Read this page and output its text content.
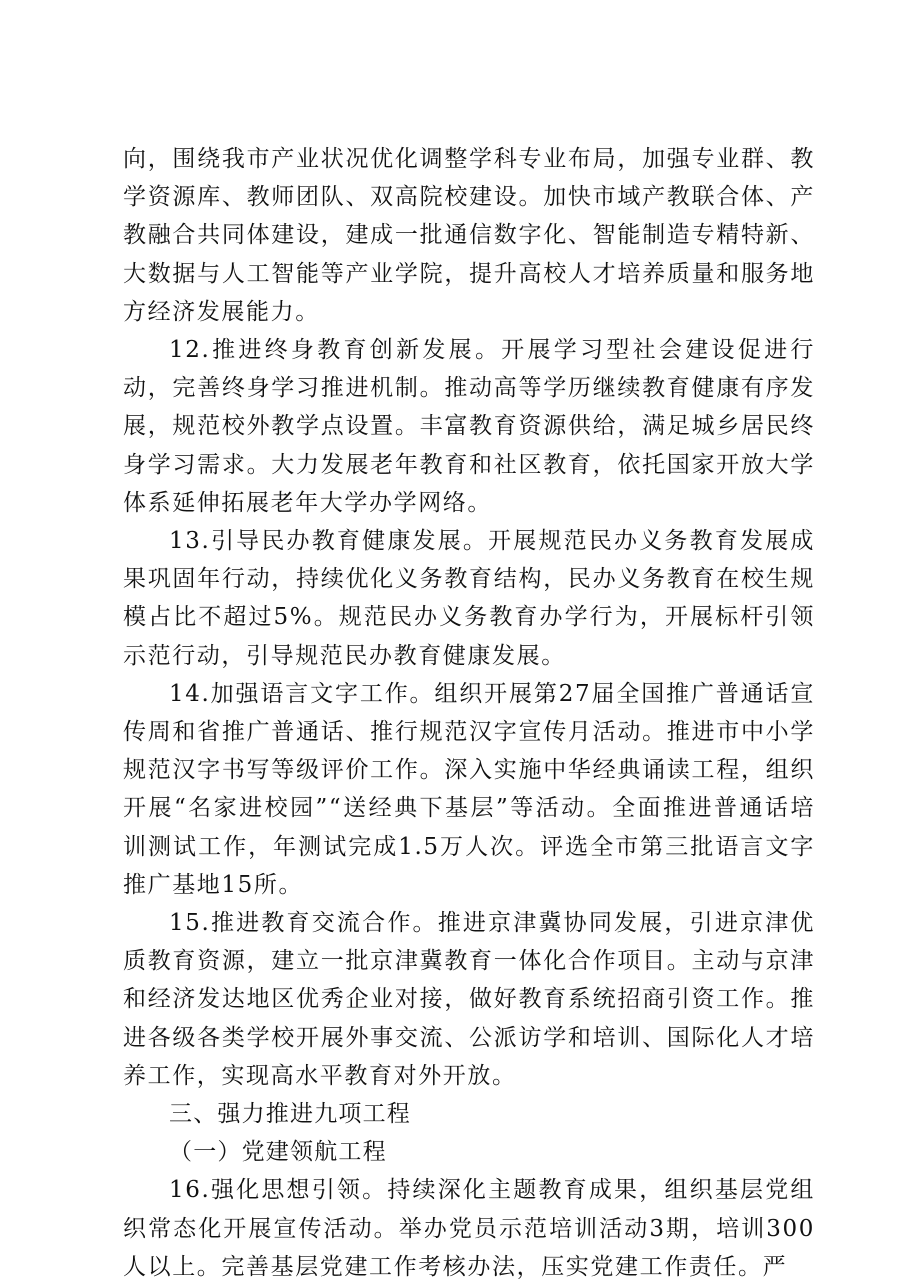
向，围绕我市产业状况优化调整学科专业布局，加强专业群、教学资源库、教师团队、双高院校建设。加快市域产教联合体、产教融合共同体建设，建成一批通信数字化、智能制造专精特新、大数据与人工智能等产业学院，提升高校人才培养质量和服务地方经济发展能力。

12.推进终身教育创新发展。开展学习型社会建设促进行动，完善终身学习推进机制。推动高等学历继续教育健康有序发展，规范校外教学点设置。丰富教育资源供给，满足城乡居民终身学习需求。大力发展老年教育和社区教育，依托国家开放大学体系延伸拓展老年大学办学网络。

13.引导民办教育健康发展。开展规范民办义务教育发展成果巩固年行动，持续优化义务教育结构，民办义务教育在校生规模占比不超过5%。规范民办义务教育办学行为，开展标杆引领示范行动，引导规范民办教育健康发展。

14.加强语言文字工作。组织开展第27届全国推广普通话宣传周和省推广普通话、推行规范汉字宣传月活动。推进市中小学规范汉字书写等级评价工作。深入实施中华经典诵读工程，组织开展“名家进校园”“送经典下基层”等活动。全面推进普通话培训测试工作，年测试完成1.5万人次。评选全市第三批语言文字推广基地15所。

15.推进教育交流合作。推进京津冀协同发展，引进京津优质教育资源，建立一批京津冀教育一体化合作项目。主动与京津和经济发达地区优秀企业对接，做好教育系统招商引资工作。推进各级各类学校开展外事交流、公派访学和培训、国际化人才培养工作，实现高水平教育对外开放。

三、强力推进九项工程

（一）党建领航工程

16.强化思想引领。持续深化主题教育成果，组织基层党组织常态化开展宣传活动。举办党员示范培训活动3期，培训300人以上。完善基层党建工作考核办法，压实党建工作责任。严
